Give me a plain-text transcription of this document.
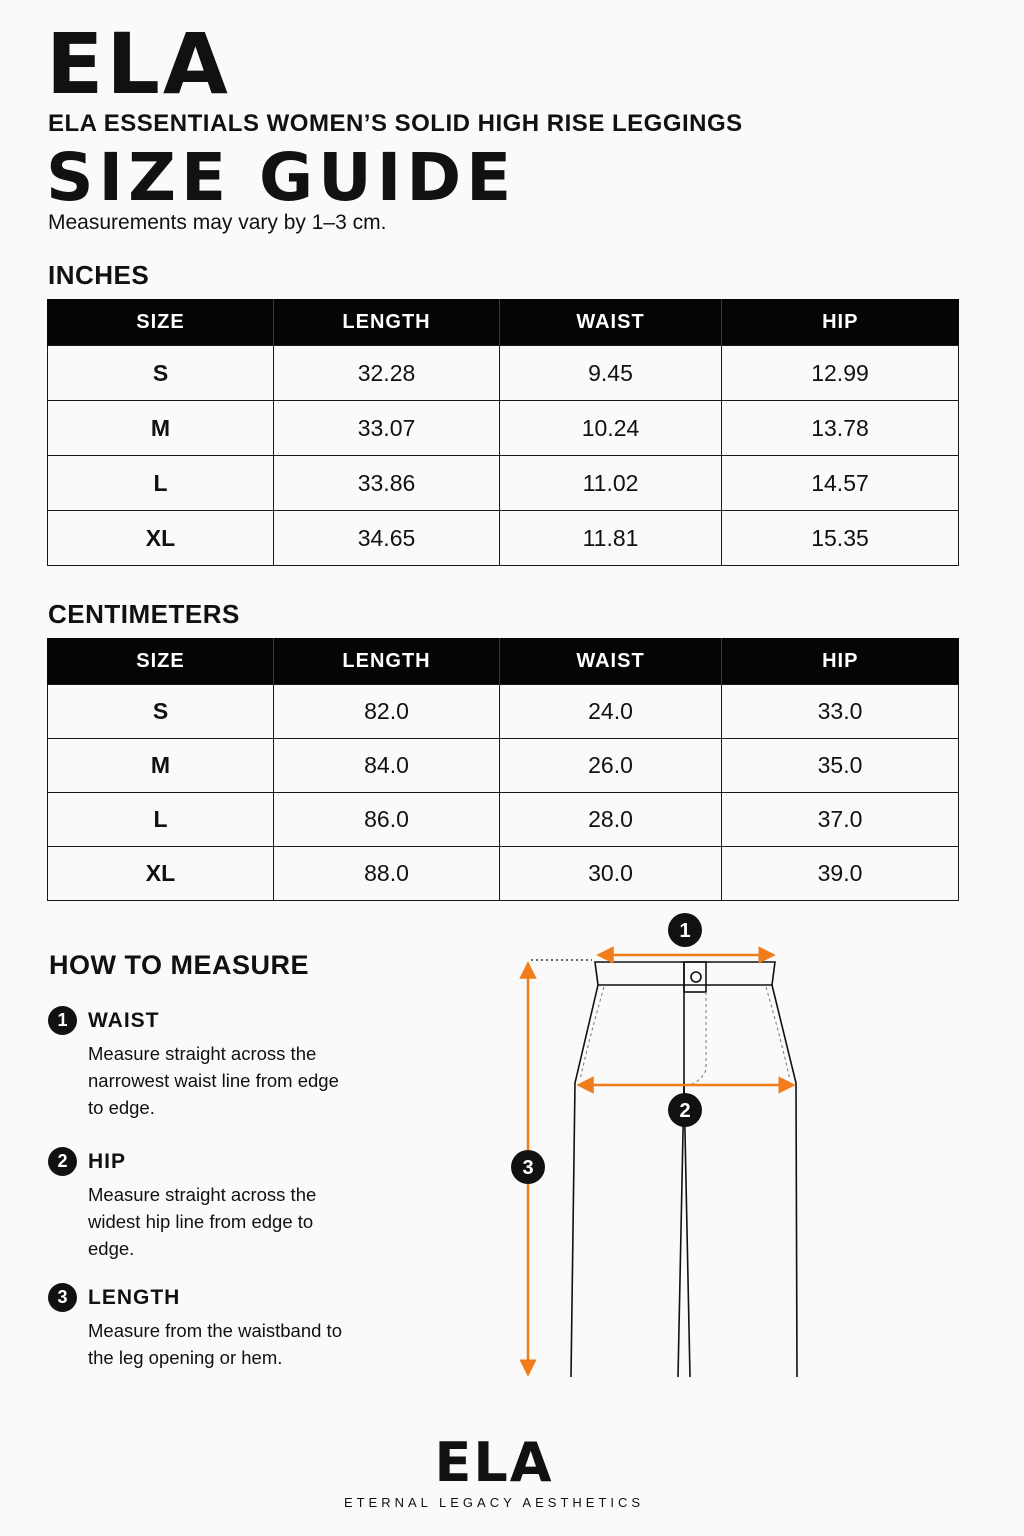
ELA
ELA ESSENTIALS WOMEN’S SOLID HIGH RISE LEGGINGS
SIZE GUIDE
Measurements may vary by 1–3 cm.
INCHES
SIZE	LENGTH	WAIST	HIP
S	32.28	9.45	12.99
M	33.07	10.24	13.78
L	33.86	11.02	14.57
XL	34.65	11.81	15.35
CENTIMETERS
SIZE	LENGTH	WAIST	HIP
S	82.0	24.0	33.0
M	84.0	26.0	35.0
L	86.0	28.0	37.0
XL	88.0	30.0	39.0
HOW TO MEASURE
1 WAIST
Measure straight across the narrowest waist line from edge to edge.
2 HIP
Measure straight across the widest hip line from edge to edge.
3 LENGTH
Measure from the waistband to the leg opening or hem.
1
2
3
ELA
ETERNAL LEGACY AESTHETICS
